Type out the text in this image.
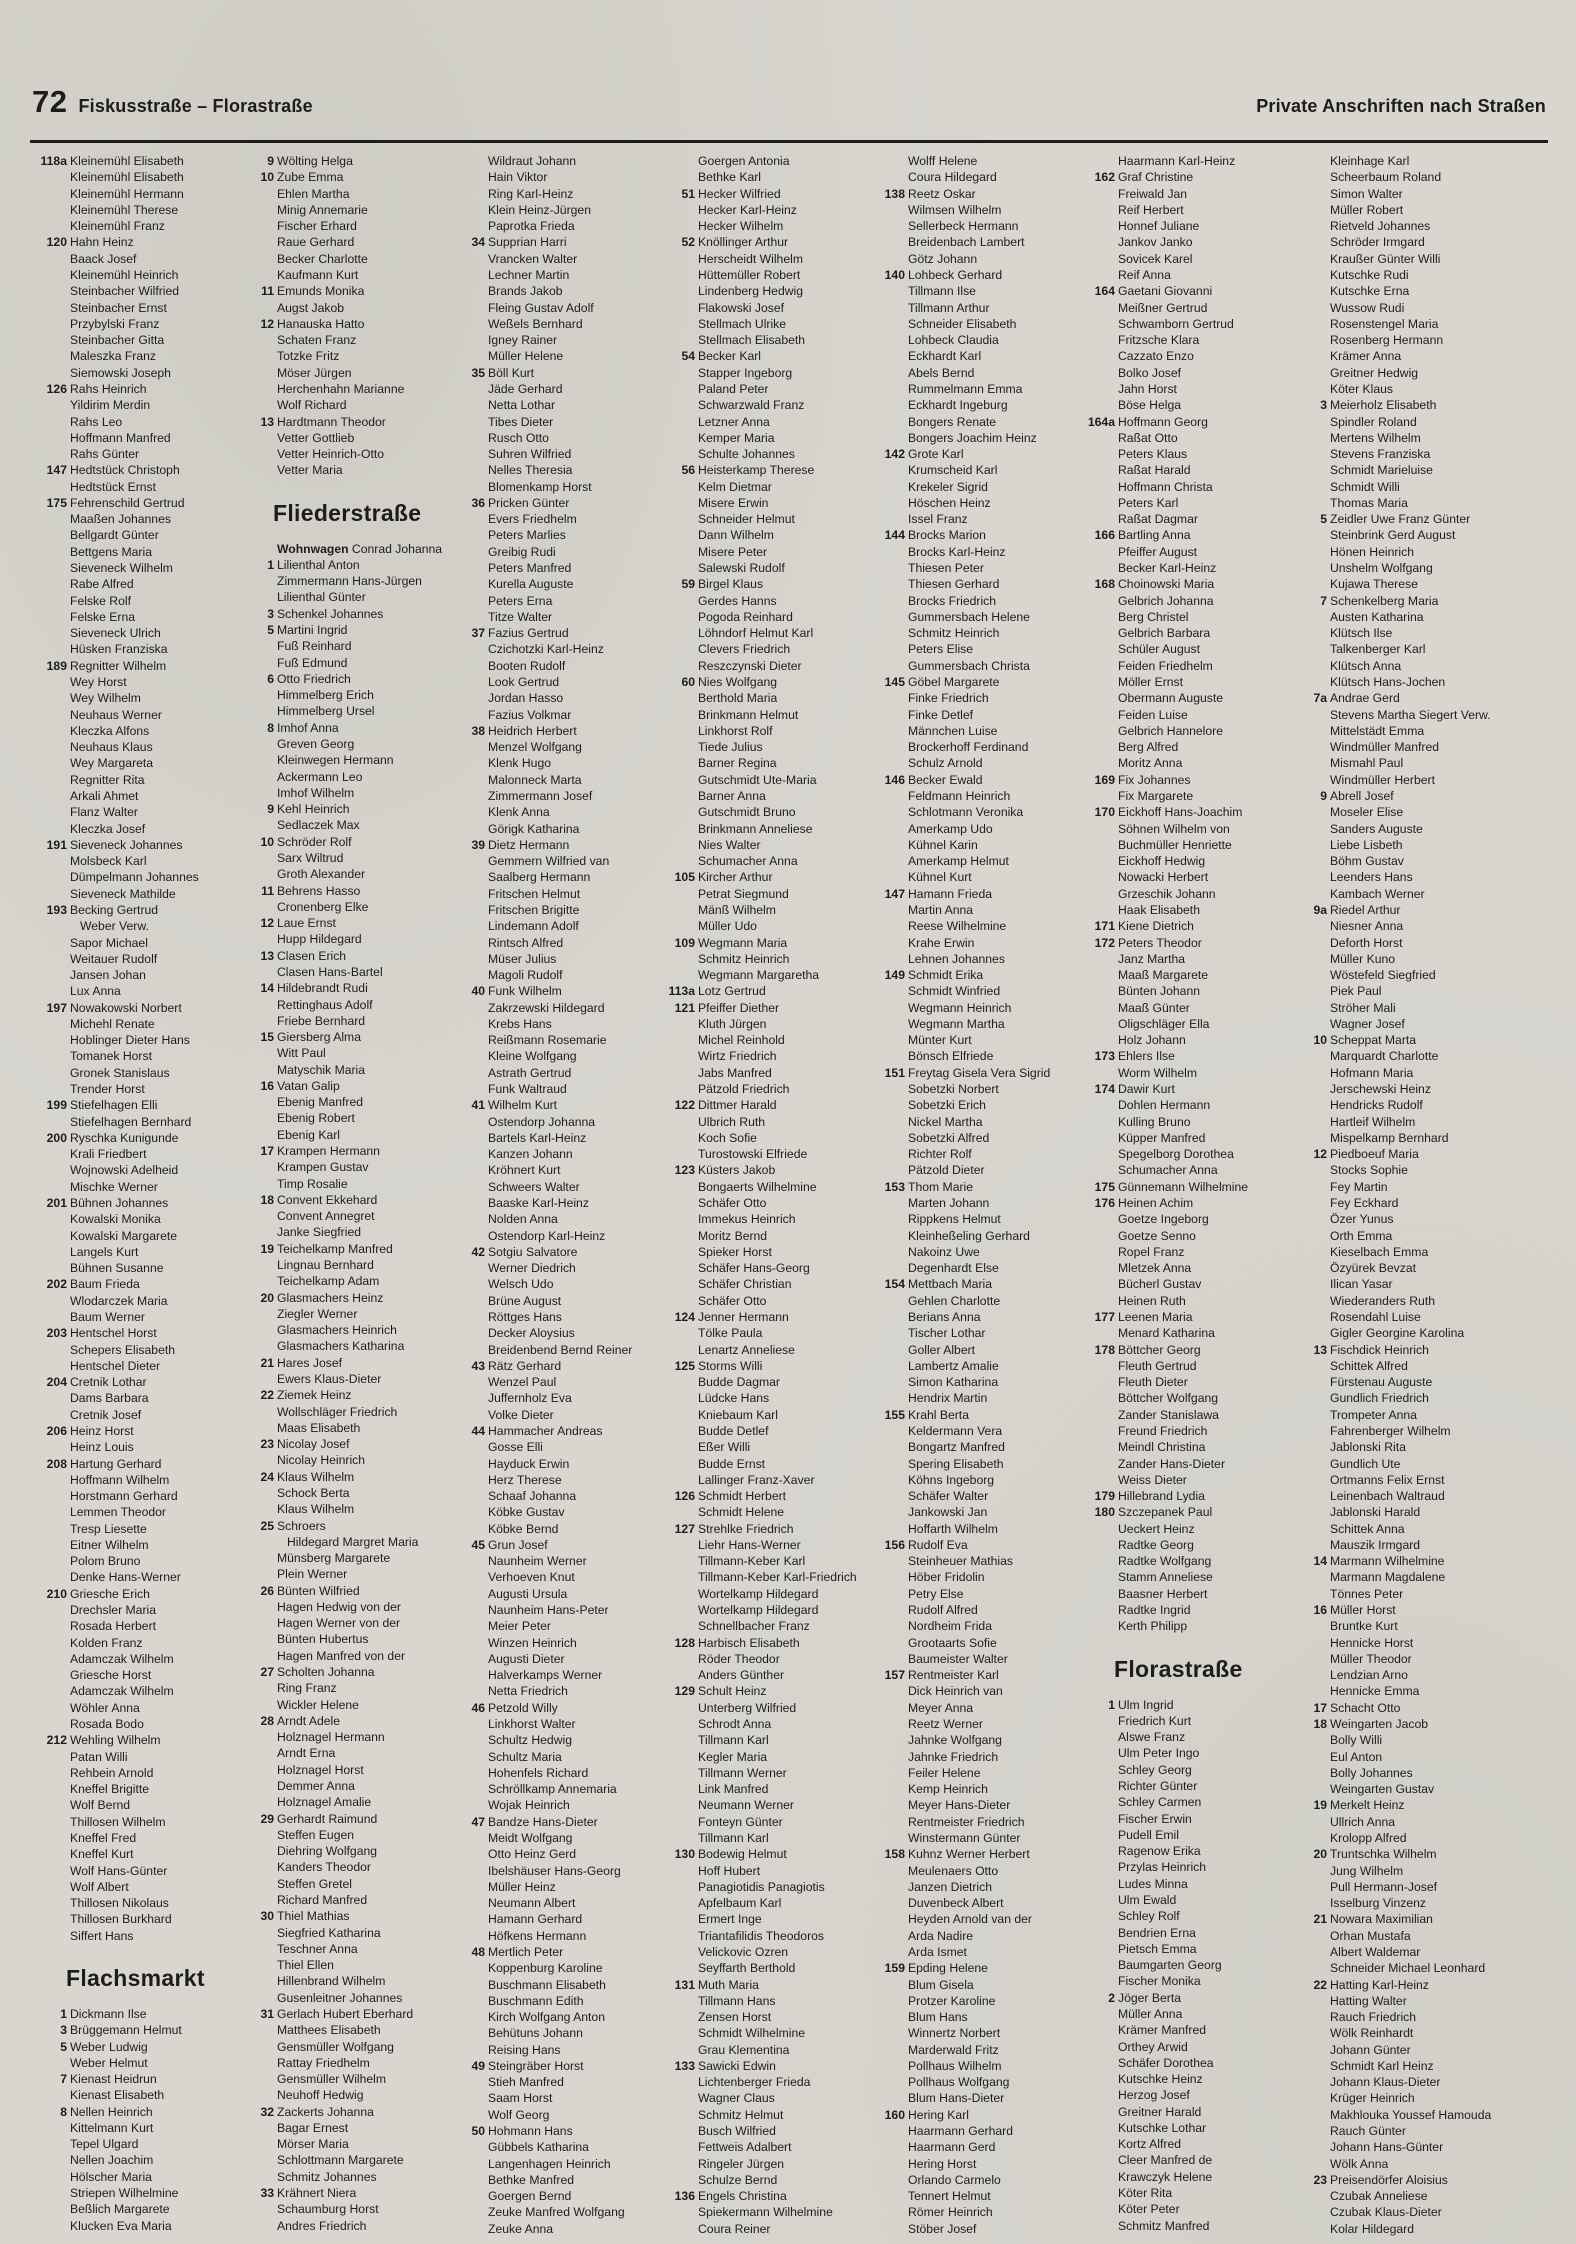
72 Fiskusstraße – Florastraße	Private Anschriften nach Straßen
118a Kleinemühl Elisabeth
Kleinemühl Elisabeth
Kleinemühl Hermann
Kleinemühl Therese
Kleinemühl Franz
120 Hahn Heinz
Baack Josef
Kleinemühl Heinrich
Steinbacher Wilfried
Steinbacher Ernst
Przybylski Franz
Steinbacher Gitta
Maleszka Franz
Siemowski Joseph
126 Rahs Heinrich
Yildirim Merdin
Rahs Leo
Hoffmann Manfred
Rahs Günter
147 Hedtstück Christoph
Hedtstück Ernst
175 Fehrenschild Gertrud
Maaßen Johannes
Bellgardt Günter
Bettgens Maria
Sieveneck Wilhelm
Rabe Alfred
Felske Rolf
Felske Erna
Sieveneck Ulrich
Hüsken Franziska
189 Regnitter Wilhelm
Wey Horst
Wey Wilhelm
Neuhaus Werner
Kleczka Alfons
Neuhaus Klaus
Wey Margareta
Regnitter Rita
Arkali Ahmet
Flanz Walter
Kleczka Josef
191 Sieveneck Johannes
Molsbeck Karl
Dümpelmann Johannes
Sieveneck Mathilde
193 Becking Gertrud
Weber Verw.
Sapor Michael
Weitauer Rudolf
Jansen Johan
Lux Anna
197 Nowakowski Norbert
Michehl Renate
Hoblinger Dieter Hans
Tomanek Horst
Gronek Stanislaus
Trender Horst
199 Stiefelhagen Elli
Stiefelhagen Bernhard
200 Ryschka Kunigunde
Krali Friedbert
Wojnowski Adelheid
Mischke Werner
201 Bühnen Johannes
Kowalski Monika
Kowalski Margarete
Langels Kurt
Bühnen Susanne
202 Baum Frieda
Wlodarczek Maria
Baum Werner
203 Hentschel Horst
Schepers Elisabeth
Hentschel Dieter
204 Cretnik Lothar
Dams Barbara
Cretnik Josef
206 Heinz Horst
Heinz Louis
208 Hartung Gerhard
Hoffmann Wilhelm
Horstmann Gerhard
Lemmen Theodor
Tresp Liesette
Eitner Wilhelm
Polom Bruno
Denke Hans-Werner
210 Griesche Erich
Drechsler Maria
Rosada Herbert
Kolden Franz
Adamczak Wilhelm
Griesche Horst
Adamczak Wilhelm
Wöhler Anna
Rosada Bodo
212 Wehling Wilhelm
Patan Willi
Rehbein Arnold
Kneffel Brigitte
Wolf Bernd
Thillosen Wilhelm
Kneffel Fred
Kneffel Kurt
Wolf Hans-Günter
Wolf Albert
Thillosen Nikolaus
Thillosen Burkhard
Siffert Hans
Flachsmarkt
1 Dickmann Ilse
3 Brüggemann Helmut
5 Weber Ludwig
Weber Helmut
7 Kienast Heidrun
Kienast Elisabeth
8 Nellen Heinrich
Kittelmann Kurt
Tepel Ulgard
Nellen Joachim
Hölscher Maria
Striepen Wilhelmine
Beßlich Margarete
Klucken Eva Maria
9 Wölting Helga
10 Zube Emma
Ehlen Martha
Minig Annemarie
Fischer Erhard
Raue Gerhard
Becker Charlotte
Kaufmann Kurt
11 Emunds Monika
Augst Jakob
12 Hanauska Hatto
Schaten Franz
Totzke Fritz
Möser Jürgen
Herchenhahn Marianne
Wolf Richard
13 Hardtmann Theodor
Vetter Gottlieb
Vetter Heinrich-Otto
Vetter Maria
Fliederstraße
Wohnwagen Conrad Johanna
1 Lilienthal Anton
Zimmermann Hans-Jürgen
Lilienthal Günter
3 Schenkel Johannes
5 Martini Ingrid
Fuß Reinhard
Fuß Edmund
6 Otto Friedrich
Himmelberg Erich
Himmelberg Ursel
8 Imhof Anna
Greven Georg
Kleinwegen Hermann
Ackermann Leo
Imhof Wilhelm
9 Kehl Heinrich
Sedlaczek Max
10 Schröder Rolf
Sarx Wiltrud
Groth Alexander
11 Behrens Hasso
Cronenberg Elke
12 Laue Ernst
Hupp Hildegard
13 Clasen Erich
Clasen Hans-Bartel
14 Hildebrandt Rudi
Rettinghaus Adolf
Friebe Bernhard
15 Giersberg Alma
Witt Paul
Matyschik Maria
16 Vatan Galip
Ebenig Manfred
Ebenig Robert
Ebenig Karl
17 Krampen Hermann
Krampen Gustav
Timp Rosalie
18 Convent Ekkehard
Convent Annegret
Janke Siegfried
19 Teichelkamp Manfred
Lingnau Bernhard
Teichelkamp Adam
20 Glasmachers Heinz
Ziegler Werner
Glasmachers Heinrich
Glasmachers Katharina
21 Hares Josef
Ewers Klaus-Dieter
22 Ziemek Heinz
Wollschläger Friedrich
Maas Elisabeth
23 Nicolay Josef
Nicolay Heinrich
24 Klaus Wilhelm
Schock Berta
Klaus Wilhelm
25 Schroers
Hildegard Margret Maria
Münsberg Margarete
Plein Werner
26 Bünten Wilfried
Hagen Hedwig von der
Hagen Werner von der
Bünten Hubertus
Hagen Manfred von der
27 Scholten Johanna
Ring Franz
Wickler Helene
28 Arndt Adele
Holznagel Hermann
Arndt Erna
Holznagel Horst
Demmer Anna
Holznagel Amalie
29 Gerhardt Raimund
Steffen Eugen
Diehring Wolfgang
Kanders Theodor
Steffen Gretel
Richard Manfred
30 Thiel Mathias
Siegfried Katharina
Teschner Anna
Thiel Ellen
Hillenbrand Wilhelm
Gusenleitner Johannes
31 Gerlach Hubert Eberhard
Matthees Elisabeth
Gensmüller Wolfgang
Rattay Friedhelm
Gensmüller Wilhelm
Neuhoff Hedwig
32 Zackerts Johanna
Bagar Ernest
Mörser Maria
Schlottmann Margarete
Schmitz Johannes
33 Krähnert Niera
Schaumburg Horst
Andres Friedrich
Wildraut Johann
Hain Viktor
Ring Karl-Heinz
Klein Heinz-Jürgen
Paprotka Frieda
34 Supprian Harri
Vrancken Walter
Lechner Martin
Brands Jakob
Fleing Gustav Adolf
Weßels Bernhard
Igney Rainer
Müller Helene
35 Böll Kurt
Jäde Gerhard
Netta Lothar
Tibes Dieter
Rusch Otto
Suhren Wilfried
Nelles Theresia
Blomenkamp Horst
36 Pricken Günter
Evers Friedhelm
Peters Marlies
Greibig Rudi
Peters Manfred
Kurella Auguste
Peters Erna
Titze Walter
37 Fazius Gertrud
Czichotzki Karl-Heinz
Booten Rudolf
Look Gertrud
Jordan Hasso
Fazius Volkmar
38 Heidrich Herbert
Menzel Wolfgang
Klenk Hugo
Malonneck Marta
Zimmermann Josef
Klenk Anna
Görigk Katharina
39 Dietz Hermann
Gemmern Wilfried van
Saalberg Hermann
Fritschen Helmut
Fritschen Brigitte
Lindemann Adolf
Rintsch Alfred
Müser Julius
Magoli Rudolf
40 Funk Wilhelm
Zakrzewski Hildegard
Krebs Hans
Reißmann Rosemarie
Kleine Wolfgang
Astrath Gertrud
Funk Waltraud
41 Wilhelm Kurt
Ostendorp Johanna
Bartels Karl-Heinz
Kanzen Johann
Kröhnert Kurt
Schweers Walter
Baaske Karl-Heinz
Nolden Anna
Ostendorp Karl-Heinz
42 Sotgiu Salvatore
Werner Diedrich
Welsch Udo
Brüne August
Röttges Hans
Decker Aloysius
Breidenbend Bernd Reiner
43 Rätz Gerhard
Wenzel Paul
Juffernholz Eva
Volke Dieter
44 Hammacher Andreas
Gosse Elli
Hayduck Erwin
Herz Therese
Schaaf Johanna
Köbke Gustav
Köbke Bernd
45 Grun Josef
Naunheim Werner
Verhoeven Knut
Augusti Ursula
Naunheim Hans-Peter
Meier Peter
Winzen Heinrich
Augusti Dieter
Halverkamps Werner
Netta Friedrich
46 Petzold Willy
Linkhorst Walter
Schultz Hedwig
Schultz Maria
Hohenfels Richard
Schröllkamp Annemaria
Wojak Heinrich
47 Bandze Hans-Dieter
Meidt Wolfgang
Otto Heinz Gerd
Ibelshäuser Hans-Georg
Müller Heinz
Neumann Albert
Hamann Gerhard
Höfkens Hermann
48 Mertlich Peter
Koppenburg Karoline
Buschmann Elisabeth
Buschmann Edith
Kirch Wolfgang Anton
Behütuns Johann
Reising Hans
49 Steingräber Horst
Stieh Manfred
Saam Horst
Wolf Georg
50 Hohmann Hans
Gübbels Katharina
Langenhagen Heinrich
Bethke Manfred
Goergen Bernd
Zeuke Manfred Wolfgang
Zeuke Anna
Goergen Antonia
Bethke Karl
51 Hecker Wilfried
Hecker Karl-Heinz
Hecker Wilhelm
52 Knöllinger Arthur
Herscheidt Wilhelm
Hüttemüller Robert
Lindenberg Hedwig
Flakowski Josef
Stellmach Ulrike
Stellmach Elisabeth
54 Becker Karl
Stapper Ingeborg
Paland Peter
Schwarzwald Franz
Letzner Anna
Kemper Maria
Schulte Johannes
56 Heisterkamp Therese
Kelm Dietmar
Misere Erwin
Schneider Helmut
Dann Wilhelm
Misere Peter
Salewski Rudolf
59 Birgel Klaus
Gerdes Hanns
Pogoda Reinhard
Löhndorf Helmut Karl
Clevers Friedrich
Reszczynski Dieter
60 Nies Wolfgang
Berthold Maria
Brinkmann Helmut
Linkhorst Rolf
Tiede Julius
Barner Regina
Gutschmidt Ute-Maria
Barner Anna
Gutschmidt Bruno
Brinkmann Anneliese
Nies Walter
Schumacher Anna
105 Kircher Arthur
Petrat Siegmund
Mänß Wilhelm
Müller Udo
109 Wegmann Maria
Schmitz Heinrich
Wegmann Margaretha
113a Lotz Gertrud
121 Pfeiffer Diether
Kluth Jürgen
Michel Reinhold
Wirtz Friedrich
Jabs Manfred
Pätzold Friedrich
122 Dittmer Harald
Ulbrich Ruth
Koch Sofie
Turostowski Elfriede
123 Küsters Jakob
Bongaerts Wilhelmine
Schäfer Otto
Immekus Heinrich
Moritz Bernd
Spieker Horst
Schäfer Hans-Georg
Schäfer Christian
Schäfer Otto
124 Jenner Hermann
Tölke Paula
Lenartz Anneliese
125 Storms Willi
Budde Dagmar
Lüdcke Hans
Kniebaum Karl
Budde Detlef
Eßer Willi
Budde Ernst
Lallinger Franz-Xaver
126 Schmidt Herbert
Schmidt Helene
127 Strehlke Friedrich
Liehr Hans-Werner
Tillmann-Keber Karl
Tillmann-Keber Karl-Friedrich
Wortelkamp Hildegard
Wortelkamp Hildegard
Schnellbacher Franz
128 Harbisch Elisabeth
Röder Theodor
Anders Günther
129 Schult Heinz
Unterberg Wilfried
Schrodt Anna
Tillmann Karl
Kegler Maria
Tillmann Werner
Link Manfred
Neumann Werner
Fonteyn Günter
Tillmann Karl
130 Bodewig Helmut
Hoff Hubert
Panagiotidis Panagiotis
Apfelbaum Karl
Ermert Inge
Triantafilidis Theodoros
Velickovic Ozren
Seyffarth Berthold
131 Muth Maria
Tillmann Hans
Zensen Horst
Schmidt Wilhelmine
Grau Klementina
133 Sawicki Edwin
Lichtenberger Frieda
Wagner Claus
Schmitz Helmut
Busch Wilfried
Fettweis Adalbert
Ringeler Jürgen
Schulze Bernd
136 Engels Christina
Spiekermann Wilhelmine
Coura Reiner
Wolff Helene
Coura Hildegard
138 Reetz Oskar
Wilmsen Wilhelm
Sellerbeck Hermann
Breidenbach Lambert
Götz Johann
140 Lohbeck Gerhard
Tillmann Ilse
Tillmann Arthur
Schneider Elisabeth
Lohbeck Claudia
Eckhardt Karl
Abels Bernd
Rummelmann Emma
Eckhardt Ingeburg
Bongers Renate
Bongers Joachim Heinz
142 Grote Karl
Krumscheid Karl
Krekeler Sigrid
Höschen Heinz
Issel Franz
144 Brocks Marion
Brocks Karl-Heinz
Thiesen Peter
Thiesen Gerhard
Brocks Friedrich
Gummersbach Helene
Schmitz Heinrich
Peters Elise
Gummersbach Christa
145 Göbel Margarete
Finke Friedrich
Finke Detlef
Männchen Luise
Brockerhoff Ferdinand
Schulz Arnold
146 Becker Ewald
Feldmann Heinrich
Schlotmann Veronika
Amerkamp Udo
Kühnel Karin
Amerkamp Helmut
Kühnel Kurt
147 Hamann Frieda
Martin Anna
Reese Wilhelmine
Krahe Erwin
Lehnen Johannes
149 Schmidt Erika
Schmidt Winfried
Wegmann Heinrich
Wegmann Martha
Münter Kurt
Bönsch Elfriede
151 Freytag Gisela Vera Sigrid
Sobetzki Norbert
Sobetzki Erich
Nickel Martha
Sobetzki Alfred
Richter Rolf
Pätzold Dieter
153 Thom Marie
Marten Johann
Rippkens Helmut
Kleinheßeling Gerhard
Nakoinz Uwe
Degenhardt Else
154 Mettbach Maria
Gehlen Charlotte
Berians Anna
Tischer Lothar
Goller Albert
Lambertz Amalie
Simon Katharina
Hendrix Martin
155 Krahl Berta
Keldermann Vera
Bongartz Manfred
Spering Elisabeth
Köhns Ingeborg
Schäfer Walter
Jankowski Jan
Hoffarth Wilhelm
156 Rudolf Eva
Steinheuer Mathias
Höber Fridolin
Petry Else
Rudolf Alfred
Nordheim Frida
Grootaarts Sofie
Baumeister Walter
157 Rentmeister Karl
Dick Heinrich van
Meyer Anna
Reetz Werner
Jahnke Wolfgang
Jahnke Friedrich
Feiler Helene
Kemp Heinrich
Meyer Hans-Dieter
Rentmeister Friedrich
Winstermann Günter
158 Kuhnz Werner Herbert
Meulenaers Otto
Janzen Dietrich
Duvenbeck Albert
Heyden Arnold van der
Arda Nadire
Arda Ismet
159 Epding Helene
Blum Gisela
Protzer Karoline
Blum Hans
Winnertz Norbert
Marderwald Fritz
Pollhaus Wilhelm
Pollhaus Wolfgang
Blum Hans-Dieter
160 Hering Karl
Haarmann Gerhard
Haarmann Gerd
Hering Horst
Orlando Carmelo
Tennert Helmut
Römer Heinrich
Stöber Josef
Haarmann Karl-Heinz
162 Graf Christine
Freiwald Jan
Reif Herbert
Honnef Juliane
Jankov Janko
Sovicek Karel
Reif Anna
164 Gaetani Giovanni
Meißner Gertrud
Schwamborn Gertrud
Fritzsche Klara
Cazzato Enzo
Bolko Josef
Jahn Horst
Böse Helga
164a Hoffmann Georg
Raßat Otto
Peters Klaus
Raßat Harald
Hoffmann Christa
Peters Karl
Raßat Dagmar
166 Bartling Anna
Pfeiffer August
Becker Karl-Heinz
168 Choinowski Maria
Gelbrich Johanna
Berg Christel
Gelbrich Barbara
Schüler August
Feiden Friedhelm
Möller Ernst
Obermann Auguste
Feiden Luise
Gelbrich Hannelore
Berg Alfred
Moritz Anna
169 Fix Johannes
Fix Margarete
170 Eickhoff Hans-Joachim
Söhnen Wilhelm von
Buchmüller Henriette
Eickhoff Hedwig
Nowacki Herbert
Grzeschik Johann
Haak Elisabeth
171 Kiene Dietrich
172 Peters Theodor
Janz Martha
Maaß Margarete
Bünten Johann
Maaß Günter
Oligschläger Ella
Holz Johann
173 Ehlers Ilse
Worm Wilhelm
174 Dawir Kurt
Dohlen Hermann
Kulling Bruno
Küpper Manfred
Spegelborg Dorothea
Schumacher Anna
175 Günnemann Wilhelmine
176 Heinen Achim
Goetze Ingeborg
Goetze Senno
Ropel Franz
Mletzek Anna
Bücherl Gustav
Heinen Ruth
177 Leenen Maria
Menard Katharina
178 Böttcher Georg
Fleuth Gertrud
Fleuth Dieter
Böttcher Wolfgang
Zander Stanislawa
Freund Friedrich
Meindl Christina
Zander Hans-Dieter
Weiss Dieter
179 Hillebrand Lydia
180 Szczepanek Paul
Ueckert Heinz
Radtke Georg
Radtke Wolfgang
Stamm Anneliese
Baasner Herbert
Radtke Ingrid
Kerth Philipp
Florastraße
1 Ulm Ingrid
Friedrich Kurt
Alswe Franz
Ulm Peter Ingo
Schley Georg
Richter Günter
Schley Carmen
Fischer Erwin
Pudell Emil
Ragenow Erika
Przylas Heinrich
Ludes Minna
Ulm Ewald
Schley Rolf
Bendrien Erna
Pietsch Emma
Baumgarten Georg
Fischer Monika
2 Jöger Berta
Müller Anna
Krämer Manfred
Orthey Arwid
Schäfer Dorothea
Kutschke Heinz
Herzog Josef
Greitner Harald
Kutschke Lothar
Kortz Alfred
Cleer Manfred de
Krawczyk Helene
Köter Rita
Köter Peter
Schmitz Manfred
Kleinhage Karl
Scheerbaum Roland
Simon Walter
Müller Robert
Rietveld Johannes
Schröder Irmgard
Kraußer Günter Willi
Kutschke Rudi
Kutschke Erna
Wussow Rudi
Rosenstengel Maria
Rosenberg Hermann
Krämer Anna
Greitner Hedwig
Köter Klaus
3 Meierholz Elisabeth
Spindler Roland
Mertens Wilhelm
Stevens Franziska
Schmidt Marieluise
Schmidt Willi
Thomas Maria
5 Zeidler Uwe Franz Günter
Steinbrink Gerd August
Hönen Heinrich
Unshelm Wolfgang
Kujawa Therese
7 Schenkelberg Maria
Austen Katharina
Klütsch Ilse
Talkenberger Karl
Klütsch Anna
Klütsch Hans-Jochen
7a Andrae Gerd
Stevens Martha Siegert Verw.
Mittelstädt Emma
Windmüller Manfred
Mismahl Paul
Windmüller Herbert
9 Abrell Josef
Moseler Elise
Sanders Auguste
Liebe Lisbeth
Böhm Gustav
Leenders Hans
Kambach Werner
9a Riedel Arthur
Niesner Anna
Deforth Horst
Müller Kuno
Wöstefeld Siegfried
Piek Paul
Ströher Mali
Wagner Josef
10 Scheppat Marta
Marquardt Charlotte
Hofmann Maria
Jerschewski Heinz
Hendricks Rudolf
Hartleif Wilhelm
Mispelkamp Bernhard
12 Piedboeuf Maria
Stocks Sophie
Fey Martin
Fey Eckhard
Özer Yunus
Orth Emma
Kieselbach Emma
Özyürek Bevzat
Ilican Yasar
Wiederanders Ruth
Rosendahl Luise
Gigler Georgine Karolina
13 Fischdick Heinrich
Schittek Alfred
Fürstenau Auguste
Gundlich Friedrich
Trompeter Anna
Fahrenberger Wilhelm
Jablonski Rita
Gundlich Ute
Ortmanns Felix Ernst
Leinenbach Waltraud
Jablonski Harald
Schittek Anna
Mauszik Irmgard
14 Marmann Wilhelmine
Marmann Magdalene
Tönnes Peter
16 Müller Horst
Bruntke Kurt
Hennicke Horst
Müller Theodor
Lendzian Arno
Hennicke Emma
17 Schacht Otto
18 Weingarten Jacob
Bolly Willi
Eul Anton
Bolly Johannes
Weingarten Gustav
19 Merkelt Heinz
Ullrich Anna
Krolopp Alfred
20 Truntschka Wilhelm
Jung Wilhelm
Pull Hermann-Josef
Isselburg Vinzenz
21 Nowara Maximilian
Orhan Mustafa
Albert Waldemar
Schneider Michael Leonhard
22 Hatting Karl-Heinz
Hatting Walter
Rauch Friedrich
Wölk Reinhardt
Johann Günter
Schmidt Karl Heinz
Johann Klaus-Dieter
Krüger Heinrich
Makhlouka Youssef Hamouda
Rauch Günter
Johann Hans-Günter
Wölk Anna
23 Preisendörfer Aloisius
Czubak Anneliese
Czubak Klaus-Dieter
Kolar Hildegard
